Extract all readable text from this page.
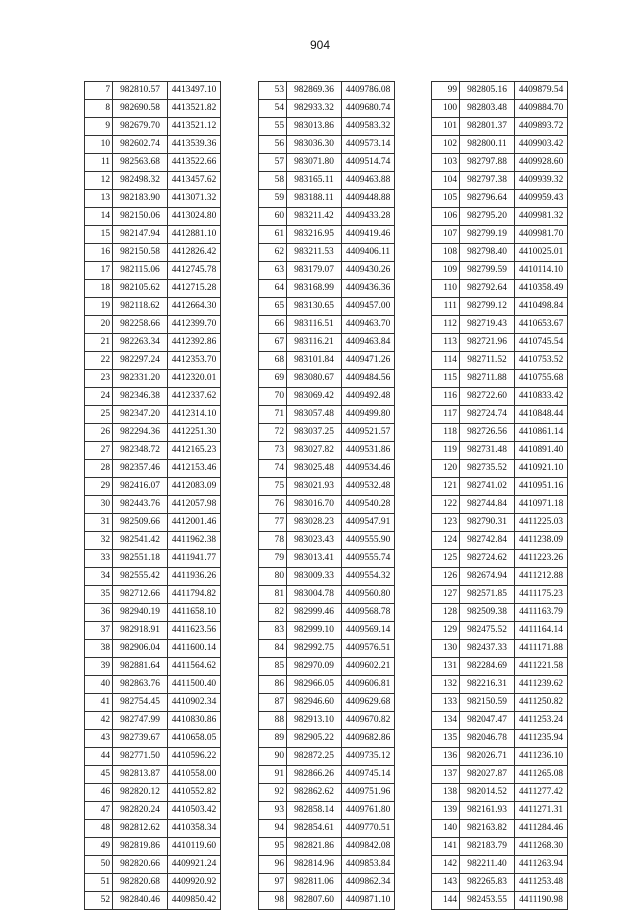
904
7	982810.57	4413497.10
8	982690.58	4413521.82
9	982679.70	4413521.12
10	982602.74	4413539.36
11	982563.68	4413522.66
12	982498.32	4413457.62
13	982183.90	4413071.32
14	982150.06	4413024.80
15	982147.94	4412881.10
16	982150.58	4412826.42
17	982115.06	4412745.78
18	982105.62	4412715.28
19	982118.62	4412664.30
20	982258.66	4412399.70
21	982263.34	4412392.86
22	982297.24	4412353.70
23	982331.20	4412320.01
24	982346.38	4412337.62
25	982347.20	4412314.10
26	982294.36	4412251.30
27	982348.72	4412165.23
28	982357.46	4412153.46
29	982416.07	4412083.09
30	982443.76	4412057.98
31	982509.66	4412001.46
32	982541.42	4411962.38
33	982551.18	4411941.77
34	982555.42	4411936.26
35	982712.66	4411794.82
36	982940.19	4411658.10
37	982918.91	4411623.56
38	982906.04	4411600.14
39	982881.64	4411564.62
40	982863.76	4411500.40
41	982754.45	4410902.34
42	982747.99	4410830.86
43	982739.67	4410658.05
44	982771.50	4410596.22
45	982813.87	4410558.00
46	982820.12	4410552.82
47	982820.24	4410503.42
48	982812.62	4410358.34
49	982819.86	4410119.60
50	982820.66	4409921.24
51	982820.68	4409920.92
52	982840.46	4409850.42
53	982869.36	4409786.08
54	982933.32	4409680.74
55	983013.86	4409583.32
56	983036.30	4409573.14
57	983071.80	4409514.74
58	983165.11	4409463.88
59	983188.11	4409448.88
60	983211.42	4409433.28
61	983216.95	4409419.46
62	983211.53	4409406.11
63	983179.07	4409430.26
64	983168.99	4409436.36
65	983130.65	4409457.00
66	983116.51	4409463.70
67	983116.21	4409463.84
68	983101.84	4409471.26
69	983080.67	4409484.56
70	983069.42	4409492.48
71	983057.48	4409499.80
72	983037.25	4409521.57
73	983027.82	4409531.86
74	983025.48	4409534.46
75	983021.93	4409532.48
76	983016.70	4409540.28
77	983028.23	4409547.91
78	983023.43	4409555.90
79	983013.41	4409555.74
80	983009.33	4409554.32
81	983004.78	4409560.80
82	982999.46	4409568.78
83	982999.10	4409569.14
84	982992.75	4409576.51
85	982970.09	4409602.21
86	982966.05	4409606.81
87	982946.60	4409629.68
88	982913.10	4409670.82
89	982905.22	4409682.86
90	982872.25	4409735.12
91	982866.26	4409745.14
92	982862.62	4409751.96
93	982858.14	4409761.80
94	982854.61	4409770.51
95	982821.86	4409842.08
96	982814.96	4409853.84
97	982811.06	4409862.34
98	982807.60	4409871.10
99	982805.16	4409879.54
100	982803.48	4409884.70
101	982801.37	4409893.72
102	982800.11	4409903.42
103	982797.88	4409928.60
104	982797.38	4409939.32
105	982796.64	4409959.43
106	982795.20	4409981.32
107	982799.19	4409981.70
108	982798.40	4410025.01
109	982799.59	4410114.10
110	982792.64	4410358.49
111	982799.12	4410498.84
112	982719.43	4410653.67
113	982721.96	4410745.54
114	982711.52	4410753.52
115	982711.88	4410755.68
116	982722.60	4410833.42
117	982724.74	4410848.44
118	982726.56	4410861.14
119	982731.48	4410891.40
120	982735.52	4410921.10
121	982741.02	4410951.16
122	982744.84	4410971.18
123	982790.31	4411225.03
124	982742.84	4411238.09
125	982724.62	4411223.26
126	982674.94	4411212.88
127	982571.85	4411175.23
128	982509.38	4411163.79
129	982475.52	4411164.14
130	982437.33	4411171.88
131	982284.69	4411221.58
132	982216.31	4411239.62
133	982150.59	4411250.82
134	982047.47	4411253.24
135	982046.78	4411235.94
136	982026.71	4411236.10
137	982027.87	4411265.08
138	982014.52	4411277.42
139	982161.93	4411271.31
140	982163.82	4411284.46
141	982183.79	4411268.30
142	982211.40	4411263.94
143	982265.83	4411253.48
144	982453.55	4411190.98
